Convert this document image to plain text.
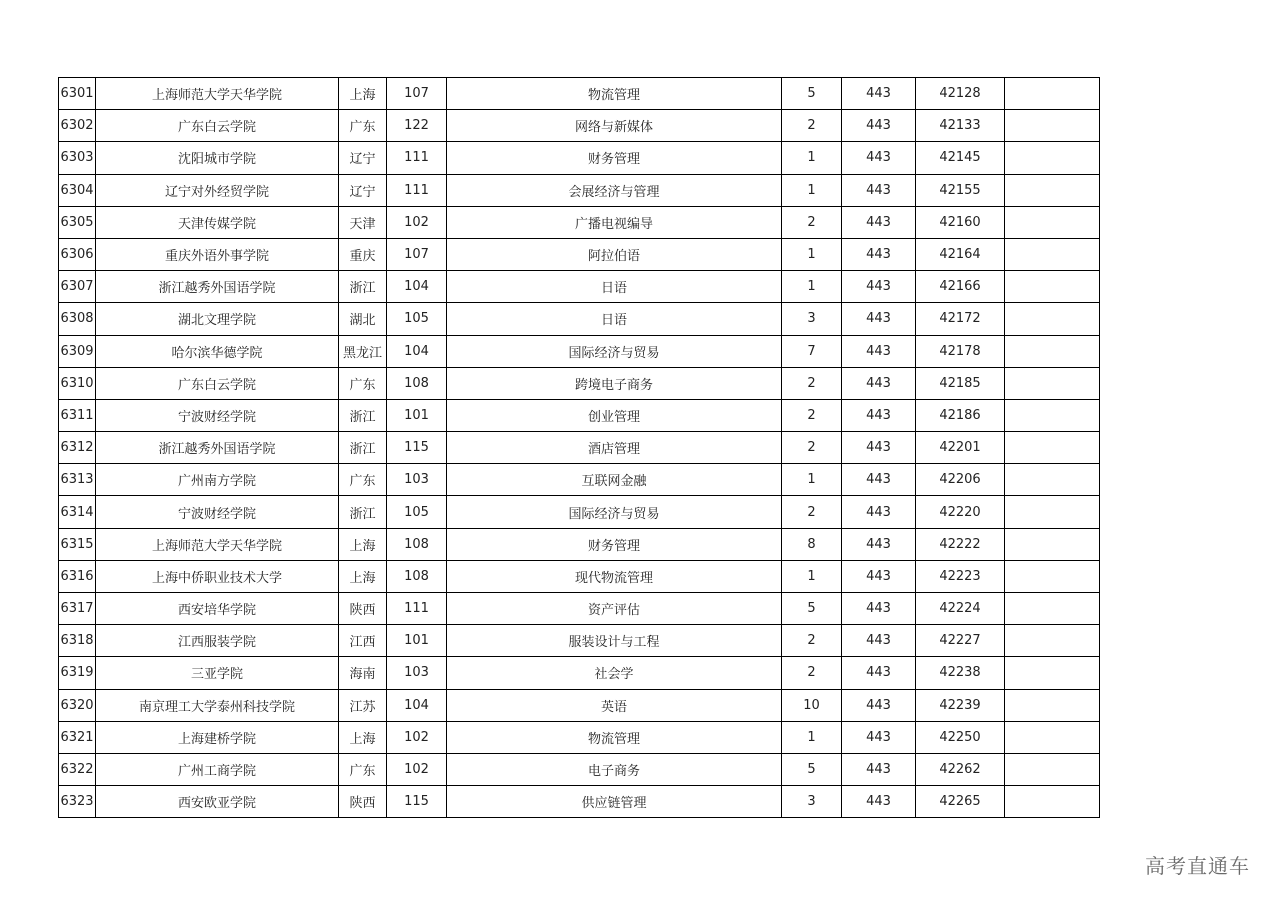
6301	上海师范大学天华学院	上海	107	物流管理	5	443	42128	
6302	广东白云学院	广东	122	网络与新媒体	2	443	42133	
6303	沈阳城市学院	辽宁	111	财务管理	1	443	42145	
6304	辽宁对外经贸学院	辽宁	111	会展经济与管理	1	443	42155	
6305	天津传媒学院	天津	102	广播电视编导	2	443	42160	
6306	重庆外语外事学院	重庆	107	阿拉伯语	1	443	42164	
6307	浙江越秀外国语学院	浙江	104	日语	1	443	42166	
6308	湖北文理学院	湖北	105	日语	3	443	42172	
6309	哈尔滨华德学院	黑龙江	104	国际经济与贸易	7	443	42178	
6310	广东白云学院	广东	108	跨境电子商务	2	443	42185	
6311	宁波财经学院	浙江	101	创业管理	2	443	42186	
6312	浙江越秀外国语学院	浙江	115	酒店管理	2	443	42201	
6313	广州南方学院	广东	103	互联网金融	1	443	42206	
6314	宁波财经学院	浙江	105	国际经济与贸易	2	443	42220	
6315	上海师范大学天华学院	上海	108	财务管理	8	443	42222	
6316	上海中侨职业技术大学	上海	108	现代物流管理	1	443	42223	
6317	西安培华学院	陕西	111	资产评估	5	443	42224	
6318	江西服装学院	江西	101	服装设计与工程	2	443	42227	
6319	三亚学院	海南	103	社会学	2	443	42238	
6320	南京理工大学泰州科技学院	江苏	104	英语	10	443	42239	
6321	上海建桥学院	上海	102	物流管理	1	443	42250	
6322	广州工商学院	广东	102	电子商务	5	443	42262	
6323	西安欧亚学院	陕西	115	供应链管理	3	443	42265	
高考直通车
